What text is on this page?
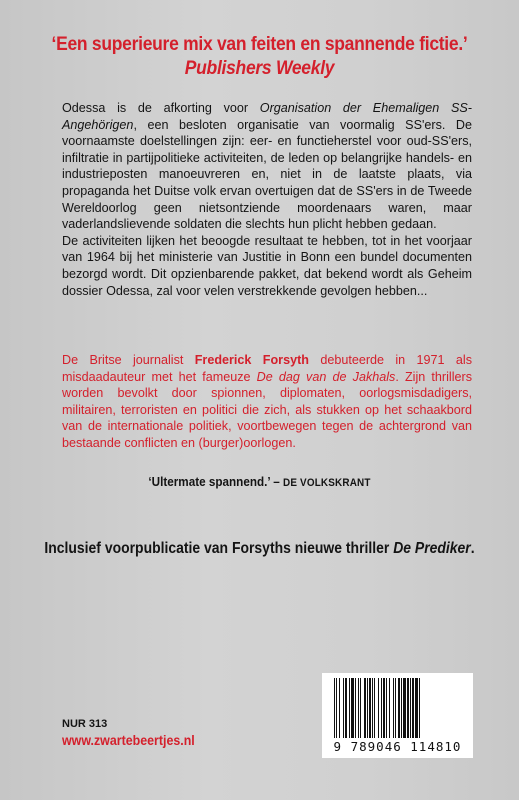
‘Een superieure mix van feiten en spannende fictie.’
Publishers Weekly

Odessa is de afkorting voor Organisation der Ehemaligen SS-Angehörigen, een besloten organisatie van voormalig SS'ers. De voornaamste doelstellingen zijn: eer- en functieherstel voor oud-SS'ers, infiltratie in partijpolitieke activiteiten, de leden op belangrijke handels- en industrieposten manoeuvreren en, niet in de laatste plaats, via propaganda het Duitse volk ervan overtuigen dat de SS'ers in de Tweede Wereldoorlog geen nietsontziende moordenaars waren, maar vaderlandslievende soldaten die slechts hun plicht hebben gedaan.

De activiteiten lijken het beoogde resultaat te hebben, tot in het voorjaar van 1964 bij het ministerie van Justitie in Bonn een bundel documenten bezorgd wordt. Dit opzienbarende pakket, dat bekend wordt als Geheim dossier Odessa, zal voor velen verstrekkende gevolgen hebben...

De Britse journalist Frederick Forsyth debuteerde in 1971 als misdaadauteur met het fameuze De dag van de Jakhals. Zijn thrillers worden bevolkt door spionnen, diplomaten, oorlogsmisdadigers, militairen, terroristen en politici die zich, als stukken op het schaakbord van de internationale politiek, voortbewegen tegen de achtergrond van bestaande conflicten en (burger)oorlogen.

‘Ultermate spannend.’ – DE VOLKSKRANT
Inclusief voorpublicatie van Forsyths nieuwe thriller De Prediker.
NUR 313
www.zwartebeertjes.nl	9 789046 114810
